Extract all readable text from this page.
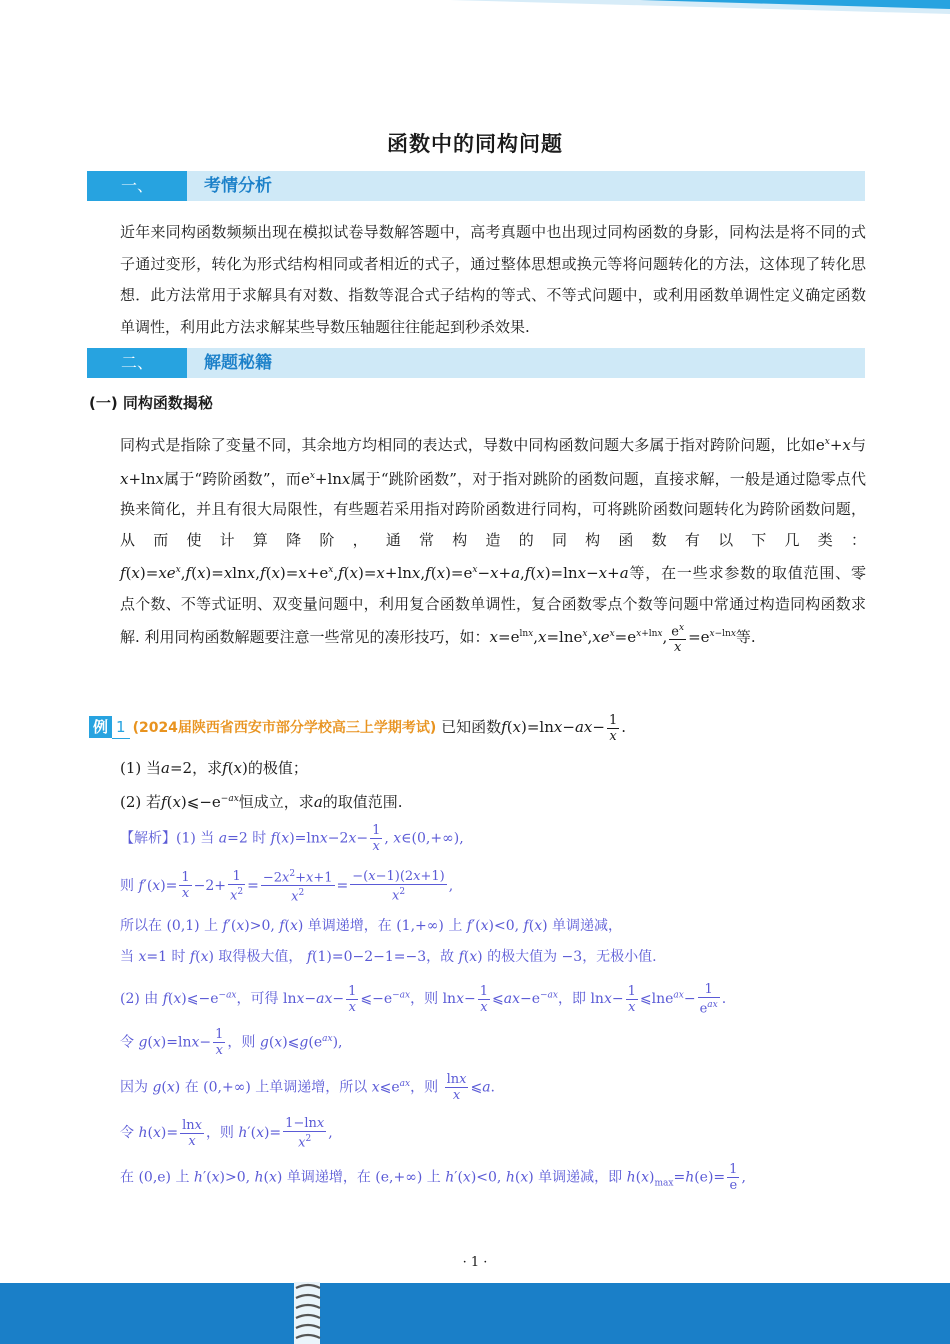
函数中的同构问题
一、	考情分析

近年来同构函数频频出现在模拟试卷导数解答题中，高考真题中也出现过同构函数的身影，同构法是将不同的式子通过变形，转化为形式结构相同或者相近的式子，通过整体思想或换元等将问题转化的方法，这体现了转化思想．此方法常用于求解具有对数、指数等混合式子结构的等式、不等式问题中，或利用函数单调性定义确定函数单调性，利用此方法求解某些导数压轴题往往能起到秒杀效果.

二、	解题秘籍
(一) 同构函数揭秘

同构式是指除了变量不同，其余地方均相同的表达式，导数中同构函数问题大多属于指对跨阶问题，比如$e^x+x$与x+lnx属于“跨阶函数”，而$e^x+\ln x$属于“跳阶函数”，对于指对跳阶的函数问题，直接求解，一般是通过隐零点代换来简化，并且有很大局限性，有些题若采用指对跨阶函数进行同构，可将跳阶函数问题转化为跨阶函数问题，从而使计算降阶，通常构造的同构函数有以下几类：$f(x)=xe^x,f(x)=xlnx,f(x)=x+e^x,f(x)=x+\ln x,f(x)=e^x-x+a,f(x)=\ln x-x+a$等，在一些求参数的取值范围、零点个数、不等式证明、双变量问题中，利用复合函数单调性，复合函数零点个数等问题中常通过构造同构函数求解. 利用同构函数解题要注意一些常见的凑形技巧，如：$x=e^{lnx},x=\ln e^x,xe^x=e^{x+lnx}$, $\frac{e^x}{x} =e^{x-lnx}$等.

例 1 (2024届陕西省西安市部分学校高三上学期考试) 已知函数$f(x)=\ln x-ax- \frac{1}{x}$ .
(1) 当a=2，求f(x)的极值；
(2) 若$f(x)⩽-e^{-ax}$恒成立，求a的取值范围.
【解析】(1) 当 a=2 时 $f(x)=\ln x-2x- \frac{1}{x}$ , x∈(0,+∞),
则 $f'(x)= \frac{1}{x} -2+ \frac{1}{x^2} = \frac{-2x^2+x+1}{x^2} = \frac{-(x-1)(2x+1)}{x^2}$ ,
所以在 (0,1) 上 f′(x)>0, f(x) 单调递增，在 (1,+∞) 上 f′(x)<0, f(x) 单调递减，
当 x=1 时 f(x) 取得极大值， f(1)=0−2−1=−3，故 f(x) 的极大值为 −3，无极小值.
(2) 由 $f(x)⩽-e^{-ax}$，可得 $\ln x-ax- \frac{1}{x}$ $⩽-e^{-ax}$，则 $\ln x- \frac{1}{x}$ $⩽ax-e^{-ax}$，即 $\ln x- \frac{1}{x}$ ⩽lne$^{ax}$− $\frac{1}{e^{ax}}$ .
令 $g(x)=\ln x- \frac{1}{x}$ ，则 $g(x)⩽g(e^{ax})$,
因为 g(x) 在 (0,+∞) 上单调递增，所以 $x⩽e^{ax}$，则 $\frac{\ln x}{x}$ ⩽a.
令 $h(x)= \frac{\ln x}{x}$ ，则 $h'(x)= \frac{1-\ln x}{x^2}$ ,
在 (0,e) 上 h′(x)>0, h(x) 单调递增，在 (e,+∞) 上 h′(x)<0, h(x) 单调递减，即 $h(x)_{max}=h(e)= \frac{1}{e}$ ,
· 1 ·
